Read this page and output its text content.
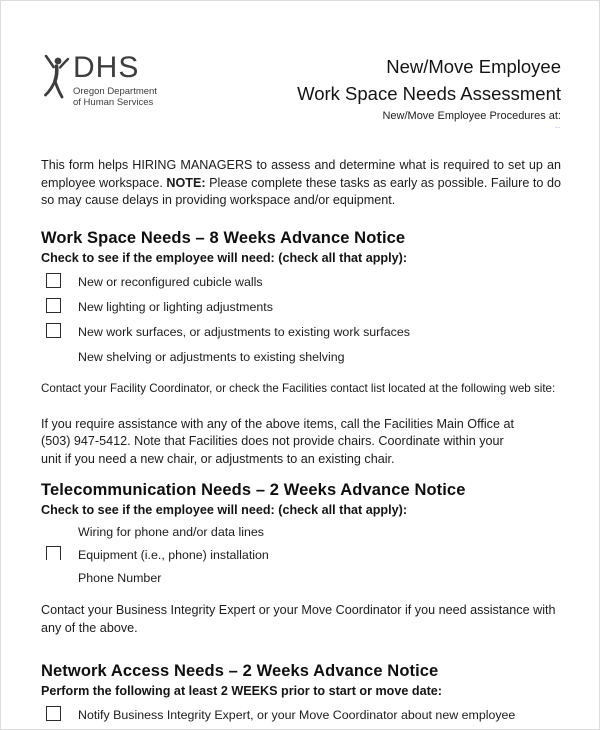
DHS
Oregon Department
of Human Services
New/Move Employee
Work Space Needs Assessment
New/Move Employee Procedures at:
..

This form helps HIRING MANAGERS to assess and determine what is required to set up an employee workspace. NOTE: Please complete these tasks as early as possible. Failure to do so may cause delays in providing workspace and/or equipment.

Work Space Needs – 8 Weeks Advance Notice
Check to see if the employee will need: (check all that apply):
New or reconfigured cubicle walls
New lighting or lighting adjustments
New work surfaces, or adjustments to existing work surfaces
New shelving or adjustments to existing shelving

Contact your Facility Coordinator, or check the Facilities contact list located at the following web site:

If you require assistance with any of the above items, call the Facilities Main Office at (503) 947-5412. Note that Facilities does not provide chairs. Coordinate within your unit if you need a new chair, or adjustments to an existing chair.

Telecommunication Needs – 2 Weeks Advance Notice
Check to see if the employee will need: (check all that apply):
Wiring for phone and/or data lines
Equipment (i.e., phone) installation
Phone Number

Contact your Business Integrity Expert or your Move Coordinator if you need assistance with any of the above.

Network Access Needs – 2 Weeks Advance Notice
Perform the following at least 2 WEEKS prior to start or move date:
Notify Business Integrity Expert, or your Move Coordinator about new employee
